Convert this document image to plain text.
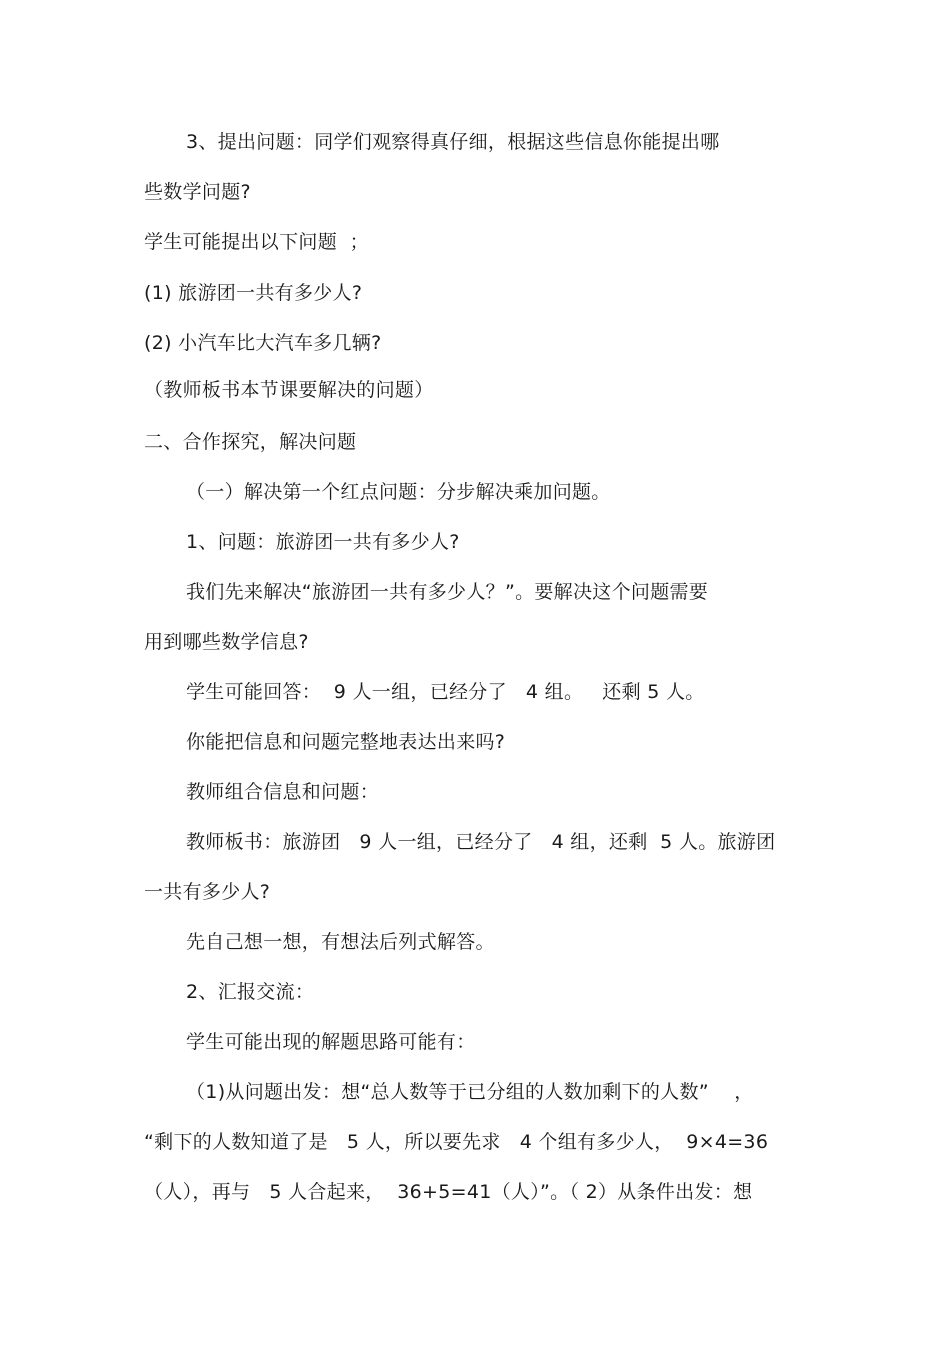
3、提出问题：同学们观察得真仔细，根据这些信息你能提出哪
些数学问题?
学生可能提出以下问题  ；
(1) 旅游团一共有多少人?
(2) 小汽车比大汽车多几辆?
（教师板书本节课要解决的问题）
二、合作探究，解决问题
（一）解决第一个红点问题：分步解决乘加问题。
1、问题：旅游团一共有多少人?
我们先来解决“旅游团一共有多少人？”。要解决这个问题需要
用到哪些数学信息?
学生可能回答：  9 人一组，已经分了   4 组。   还剩 5 人。
你能把信息和问题完整地表达出来吗?
教师组合信息和问题：
教师板书：旅游团   9 人一组，已经分了   4 组，还剩  5 人。旅游团
一共有多少人?
先自己想一想，有想法后列式解答。
2、汇报交流：
学生可能出现的解题思路可能有：
（1)从问题出发：想“总人数等于已分组的人数加剩下的人数”    ，
“剩下的人数知道了是   5 人，所以要先求   4 个组有多少人，  9×4=36
（人），再与   5 人合起来，  36+5=41（人）”。（ 2）从条件出发：想
